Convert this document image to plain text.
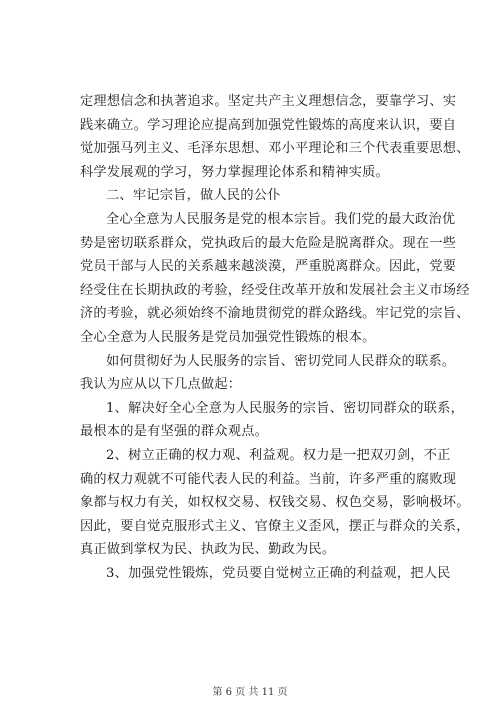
定理想信念和执著追求。坚定共产主义理想信念，要靠学习、实
践来确立。学习理论应提高到加强党性锻炼的高度来认识，要自
觉加强马列主义、毛泽东思想、邓小平理论和三个代表重要思想、
科学发展观的学习，努力掌握理论体系和精神实质。
二、牢记宗旨，做人民的公仆
全心全意为人民服务是党的根本宗旨。我们党的最大政治优
势是密切联系群众，党执政后的最大危险是脱离群众。现在一些
党员干部与人民的关系越来越淡漠，严重脱离群众。因此，党要
经受住在长期执政的考验，经受住改革开放和发展社会主义市场经
济的考验，就必须始终不渝地贯彻党的群众路线。牢记党的宗旨、
全心全意为人民服务是党员加强党性锻炼的根本。
如何贯彻好为人民服务的宗旨、密切党同人民群众的联系。
我认为应从以下几点做起：
1、解决好全心全意为人民服务的宗旨、密切同群众的联系，
最根本的是有坚强的群众观点。
2、树立正确的权力观、利益观。权力是一把双刃剑，不正
确的权力观就不可能代表人民的利益。当前，许多严重的腐败现
象都与权力有关，如权权交易、权钱交易、权色交易，影响极坏。
因此，要自觉克服形式主义、官僚主义歪风，摆正与群众的关系，
真正做到掌权为民、执政为民、勤政为民。
3、加强党性锻炼，党员要自觉树立正确的利益观，把人民
第 6 页 共 11 页
